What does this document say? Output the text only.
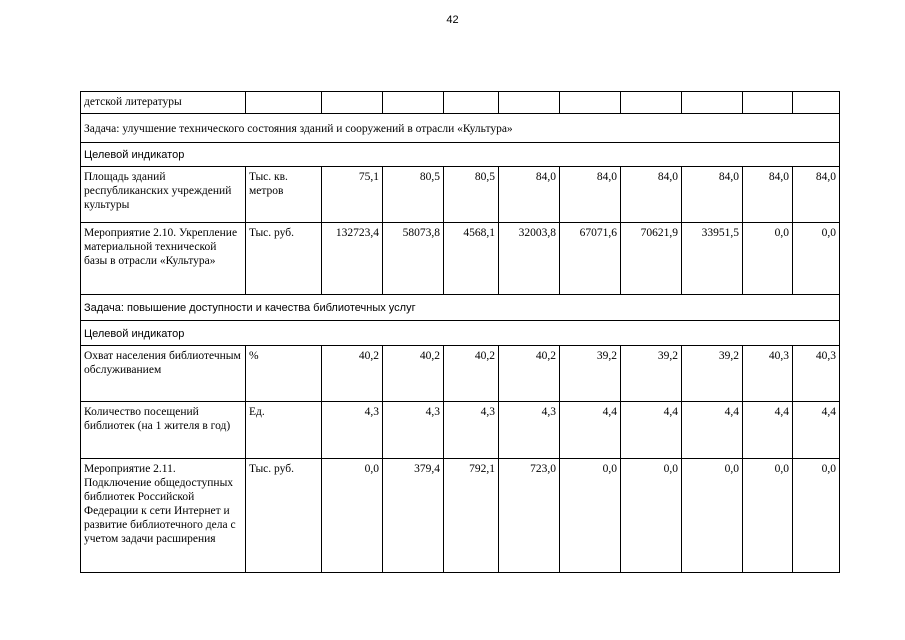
42
детской литературы										
Задача: улучшение технического состояния зданий и сооружений в отрасли «Культура»										
Целевой индикатор										
Площадь зданий республиканских учреждений культуры	Тыс. кв. метров	75,1	80,5	80,5	84,0	84,0	84,0	84,0	84,0	84,0
Мероприятие 2.10. Укрепление материальной технической базы в отрасли «Культура»	Тыс. руб.	132723,4	58073,8	4568,1	32003,8	67071,6	70621,9	33951,5	0,0	0,0
Задача: повышение доступности и качества библиотечных услуг										
Целевой индикатор										
Охват населения библиотечным обслуживанием	%	40,2	40,2	40,2	40,2	39,2	39,2	39,2	40,3	40,3
Количество посещений библиотек (на 1 жителя в год)	Ед.	4,3	4,3	4,3	4,3	4,4	4,4	4,4	4,4	4,4
Мероприятие 2.11. Подключение общедоступных библиотек Российской Федерации к сети Интернет и развитие библиотечного дела с учетом задачи расширения	Тыс. руб.	0,0	379,4	792,1	723,0	0,0	0,0	0,0	0,0	0,0
